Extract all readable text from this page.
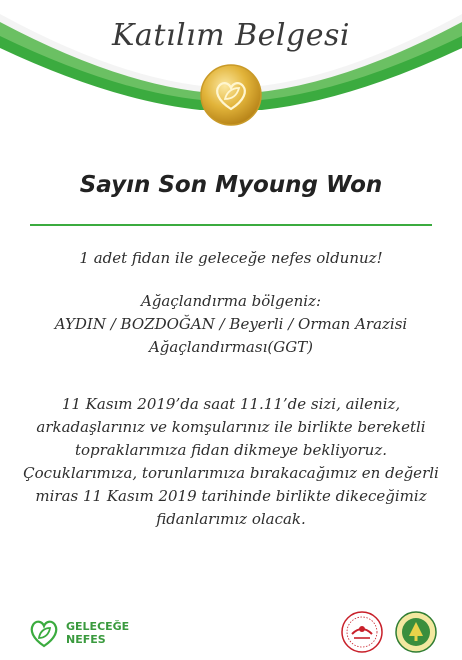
Katılım Belgesi
Sayın Son Myoung Won
1 adet fidan ile geleceğe nefes oldunuz!
Ağaçlandırma bölgeniz:
AYDIN / BOZDOĞAN / Beyerli / Orman Arazisi
Ağaçlandırması(GGT)
11 Kasım 2019’da saat 11.11’de sizi, aileniz, arkadaşlarınız ve komşularınız ile birlikte bereketli topraklarımıza fidan dikmeye bekliyoruz. Çocuklarımıza, torunlarımıza bırakacağımız en değerli miras 11 Kasım 2019 tarihinde birlikte dikeceğimiz fidanlarımız olacak.
GELECEĞE
NEFES
